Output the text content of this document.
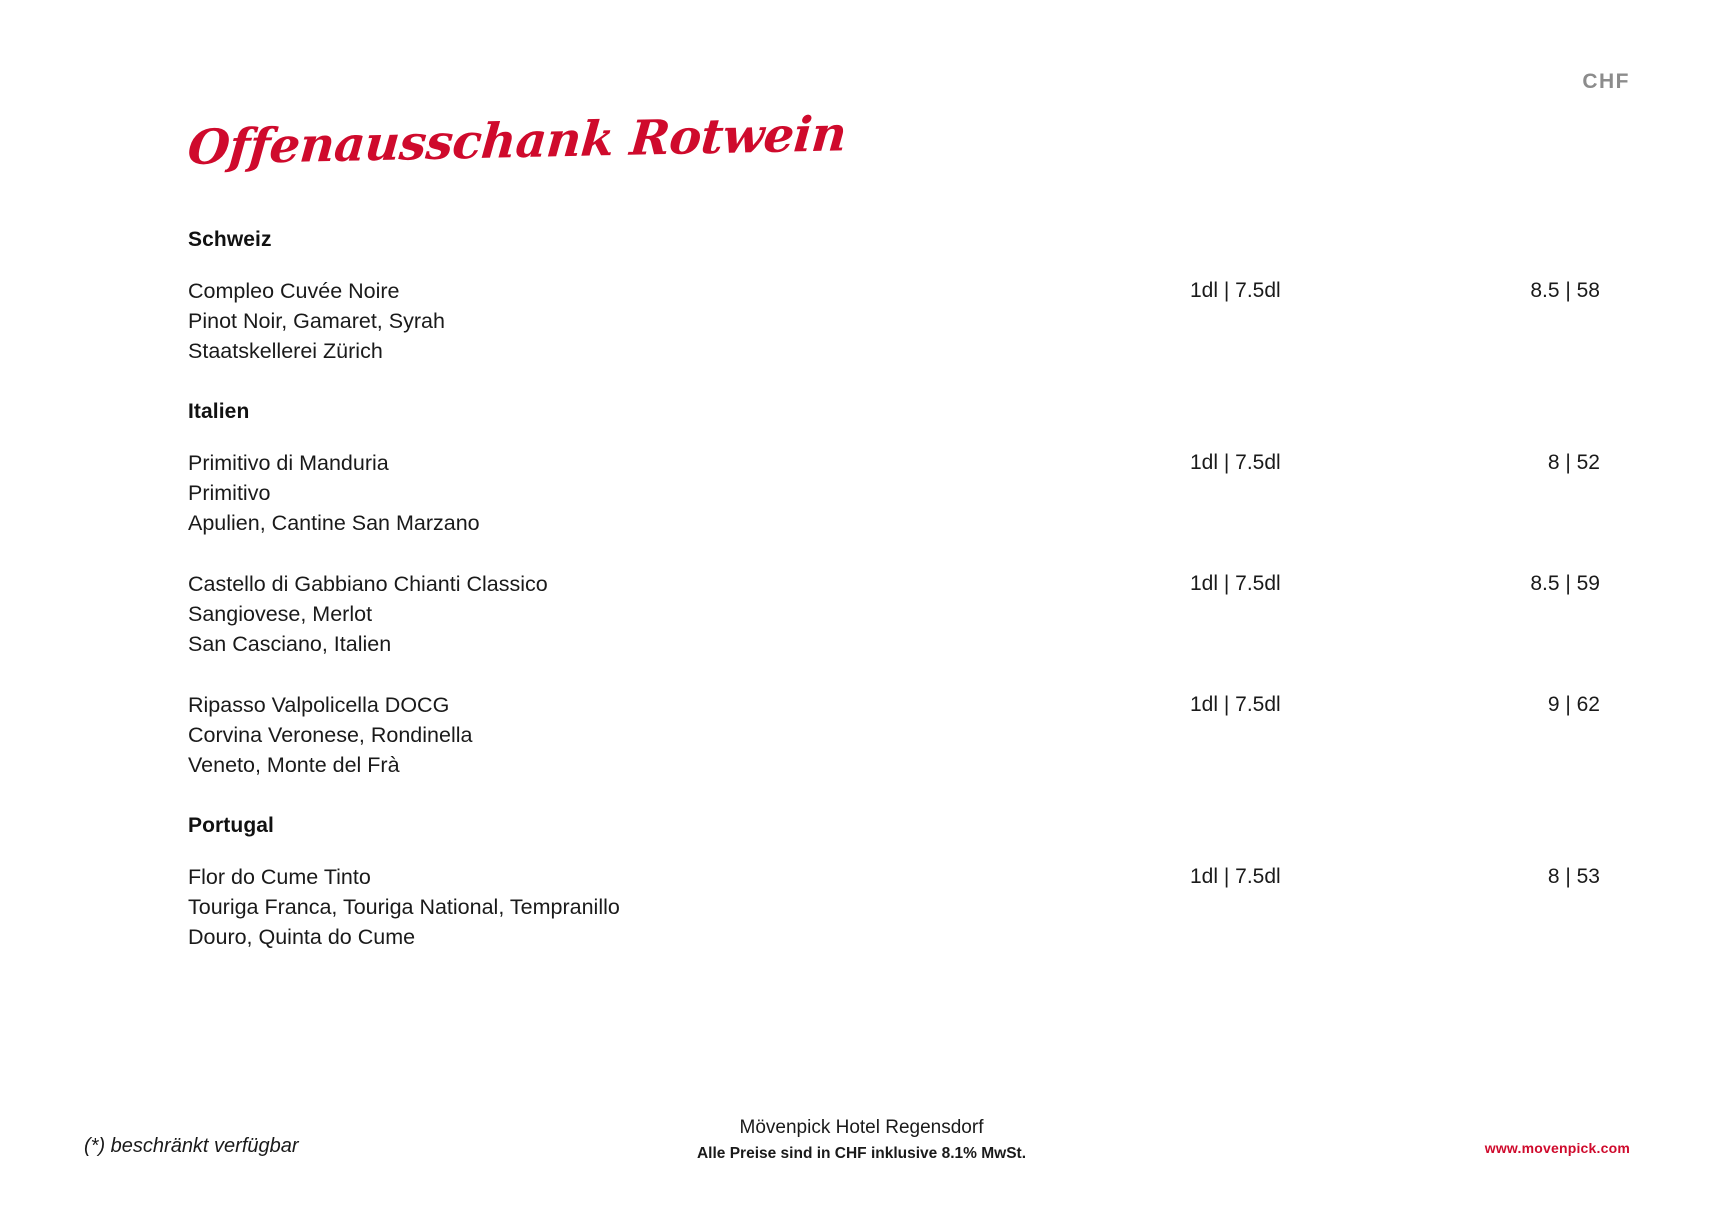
CHF
Offenausschank Rotwein
Schweiz
Compleo Cuvée Noire
Pinot Noir, Gamaret, Syrah
Staatskellerei Zürich
1dl | 7.5dl	8.5 | 58
Italien
Primitivo di Manduria
Primitivo
Apulien, Cantine San Marzano
1dl | 7.5dl	8 | 52
Castello di Gabbiano Chianti Classico
Sangiovese, Merlot
San Casciano, Italien
1dl | 7.5dl	8.5 | 59
Ripasso Valpolicella DOCG
Corvina Veronese, Rondinella
Veneto, Monte del Frà
1dl | 7.5dl	9 | 62
Portugal
Flor do Cume Tinto
Touriga Franca, Touriga National, Tempranillo
Douro, Quinta do Cume
1dl | 7.5dl	8 | 53
(*) beschränkt verfügbar
Mövenpick Hotel Regensdorf
Alle Preise sind in CHF inklusive 8.1% MwSt.	www.movenpick.com
